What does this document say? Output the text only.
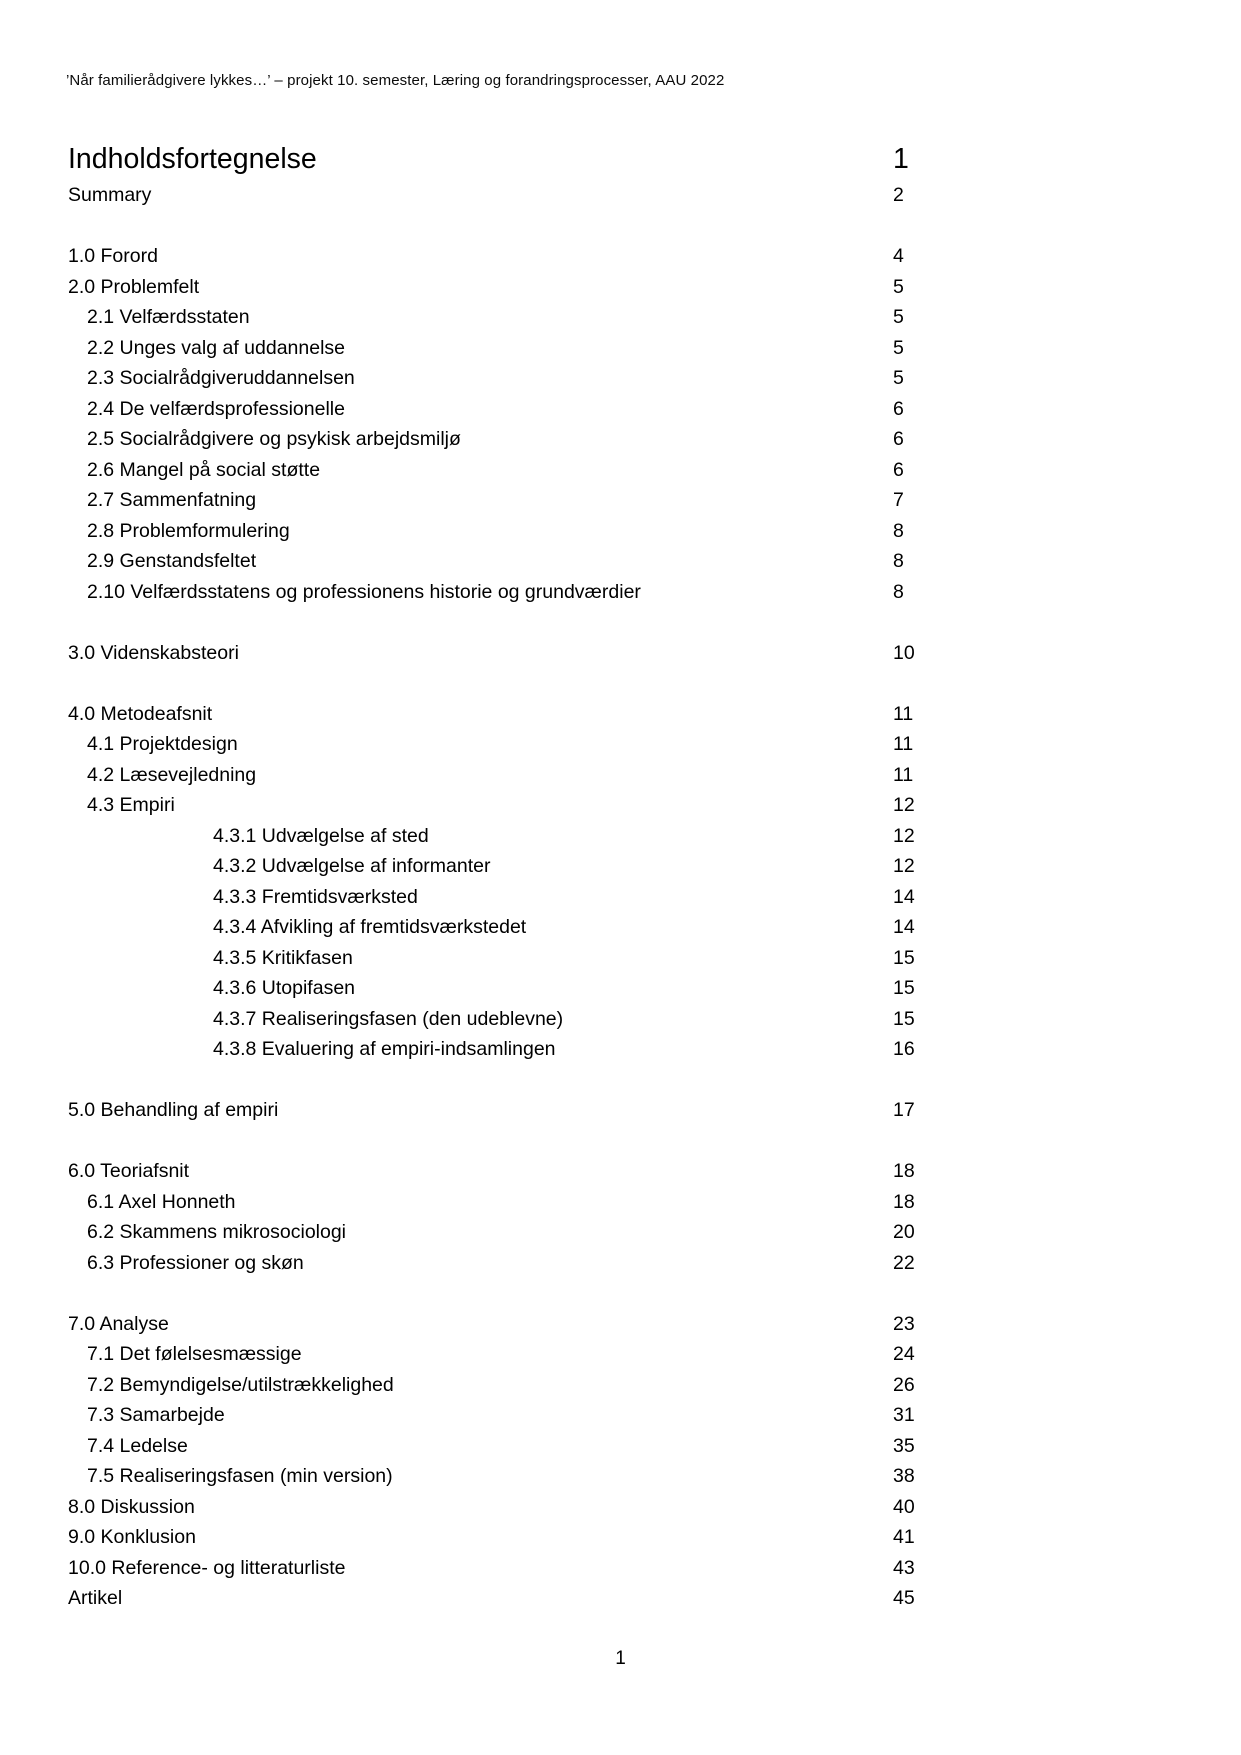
’Når familierådgivere lykkes…’ – projekt 10. semester, Læring og forandringsprocesser, AAU 2022
Indholdsfortegnelse	1
Summary	2
1.0 Forord	4
2.0 Problemfelt	5
2.1 Velfærdsstaten	5
2.2 Unges valg af uddannelse	5
2.3 Socialrådgiveruddannelsen	5
2.4 De velfærdsprofessionelle	6
2.5 Socialrådgivere og psykisk arbejdsmiljø	6
2.6 Mangel på social støtte	6
2.7 Sammenfatning	7
2.8 Problemformulering	8
2.9 Genstandsfeltet	8
2.10 Velfærdsstatens og professionens historie og grundværdier	8
3.0 Videnskabsteori	10
4.0 Metodeafsnit	11
4.1 Projektdesign	11
4.2 Læsevejledning	11
4.3 Empiri	12
4.3.1 Udvælgelse af sted	12
4.3.2 Udvælgelse af informanter	12
4.3.3 Fremtidsværksted	14
4.3.4 Afvikling af fremtidsværkstedet	14
4.3.5 Kritikfasen	15
4.3.6 Utopifasen	15
4.3.7 Realiseringsfasen (den udeblevne)	15
4.3.8 Evaluering af empiri-indsamlingen	16
5.0 Behandling af empiri	17
6.0 Teoriafsnit	18
6.1 Axel Honneth	18
6.2 Skammens mikrosociologi	20
6.3 Professioner og skøn	22
7.0 Analyse	23
7.1 Det følelsesmæssige	24
7.2 Bemyndigelse/utilstrækkelighed	26
7.3 Samarbejde	31
7.4 Ledelse	35
7.5 Realiseringsfasen (min version)	38
8.0 Diskussion	40
9.0 Konklusion	41
10.0 Reference- og litteraturliste	43
Artikel	45
1
